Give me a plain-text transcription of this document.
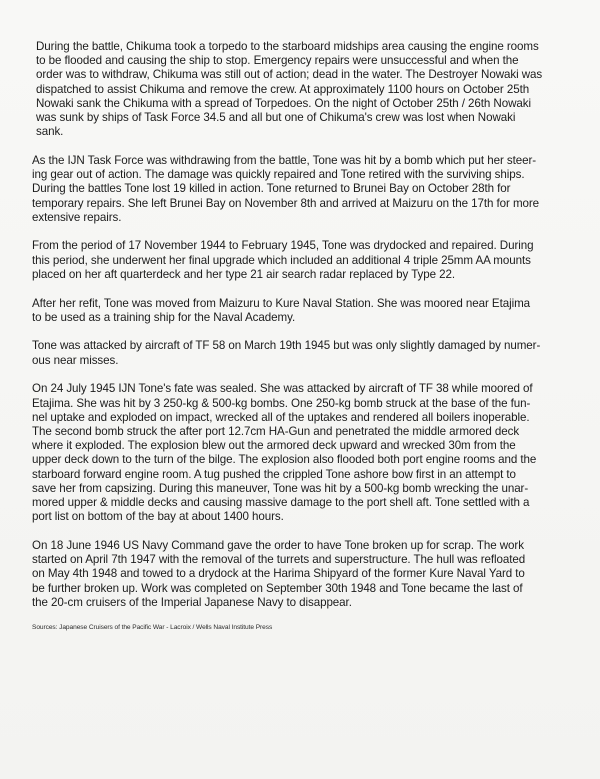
During the battle, Chikuma took a torpedo to the starboard midships area causing the engine rooms
to be flooded and causing the ship to stop. Emergency repairs were unsuccessful and when the
order was to withdraw, Chikuma was still out of action; dead in the water. The Destroyer Nowaki was
dispatched to assist Chikuma and remove the crew. At approximately 1100 hours on October 25th
Nowaki sank the Chikuma with a spread of Torpedoes. On the night of October 25th / 26th Nowaki
was sunk by ships of Task Force 34.5 and all but one of Chikuma's crew was lost when Nowaki
sank.

As the IJN Task Force was withdrawing from the battle, Tone was hit by a bomb which put her steer-
ing gear out of action. The damage was quickly repaired and Tone retired with the surviving ships.
During the battles Tone lost 19 killed in action. Tone returned to Brunei Bay on October 28th for
temporary repairs. She left Brunei Bay on November 8th and arrived at Maizuru on the 17th for more
extensive repairs.

From the period of 17 November 1944 to February 1945, Tone was drydocked and repaired. During
this period, she underwent her final upgrade which included an additional 4 triple 25mm AA mounts
placed on her aft quarterdeck and her type 21 air search radar replaced by Type 22.

After her refit, Tone was moved from Maizuru to Kure Naval Station. She was moored near Etajima
to be used as a training ship for the Naval Academy.

Tone was attacked by aircraft of TF 58 on March 19th 1945 but was only slightly damaged by numer-
ous near misses.

On 24 July 1945 IJN Tone's fate was sealed. She was attacked by aircraft of TF 38 while moored of
Etajima. She was hit by 3 250-kg & 500-kg bombs. One 250-kg bomb struck at the base of the fun-
nel uptake and exploded on impact, wrecked all of the uptakes and rendered all boilers inoperable.
The second bomb struck the after port 12.7cm HA-Gun and penetrated the middle armored deck
where it exploded. The explosion blew out the armored deck upward and wrecked 30m from the
upper deck down to the turn of the bilge. The explosion also flooded both port engine rooms and the
starboard forward engine room. A tug pushed the crippled Tone ashore bow first in an attempt to
save her from capsizing. During this maneuver, Tone was hit by a 500-kg bomb wrecking the unar-
mored upper & middle decks and causing massive damage to the port shell aft. Tone settled with a
port list on bottom of the bay at about 1400 hours.

On 18 June 1946 US Navy Command gave the order to have Tone broken up for scrap. The work
started on April 7th 1947 with the removal of the turrets and superstructure. The hull was refloated
on May 4th 1948 and towed to a drydock at the Harima Shipyard of the former Kure Naval Yard to
be further broken up. Work was completed on September 30th 1948 and Tone became the last of
the 20-cm cruisers of the Imperial Japanese Navy to disappear.

Sources: Japanese Cruisers of the Pacific War - Lacroix / Wells Naval Institute Press
